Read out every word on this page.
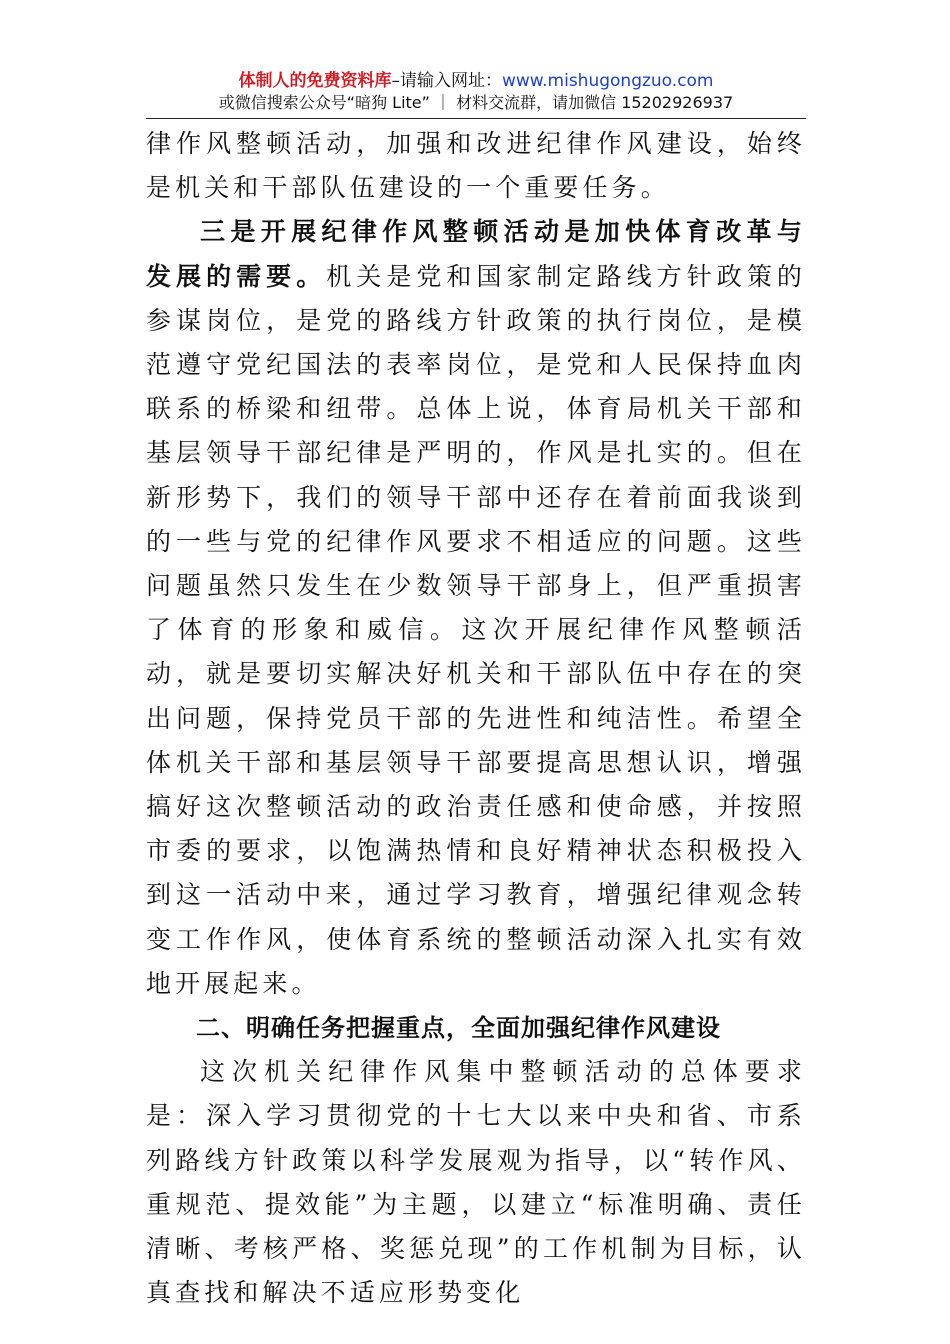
体制人的免费资料库–请输入网址：www.mishugongzuo.com
或微信搜索公众号“暗狗 Lite” ｜ 材料交流群，请加微信 15202926937

律作风整顿活动，加强和改进纪律作风建设，始终是机关和干部队伍建设的一个重要任务。

三是开展纪律作风整顿活动是加快体育改革与发展的需要。机关是党和国家制定路线方针政策的参谋岗位，是党的路线方针政策的执行岗位，是模范遵守党纪国法的表率岗位，是党和人民保持血肉联系的桥梁和纽带。总体上说，体育局机关干部和基层领导干部纪律是严明的，作风是扎实的。但在新形势下，我们的领导干部中还存在着前面我谈到的一些与党的纪律作风要求不相适应的问题。这些问题虽然只发生在少数领导干部身上，但严重损害了体育的形象和威信。这次开展纪律作风整顿活动，就是要切实解决好机关和干部队伍中存在的突出问题，保持党员干部的先进性和纯洁性。希望全体机关干部和基层领导干部要提高思想认识，增强搞好这次整顿活动的政治责任感和使命感，并按照市委的要求，以饱满热情和良好精神状态积极投入到这一活动中来，通过学习教育，增强纪律观念转变工作作风，使体育系统的整顿活动深入扎实有效地开展起来。

二、明确任务把握重点，全面加强纪律作风建设

这次机关纪律作风集中整顿活动的总体要求是：深入学习贯彻党的十七大以来中央和省、市系列路线方针政策以科学发展观为指导，以“转作风、重规范、提效能”为主题，以建立“标准明确、责任清晰、考核严格、奖惩兑现”的工作机制为目标，认真查找和解决不适应形势变化
